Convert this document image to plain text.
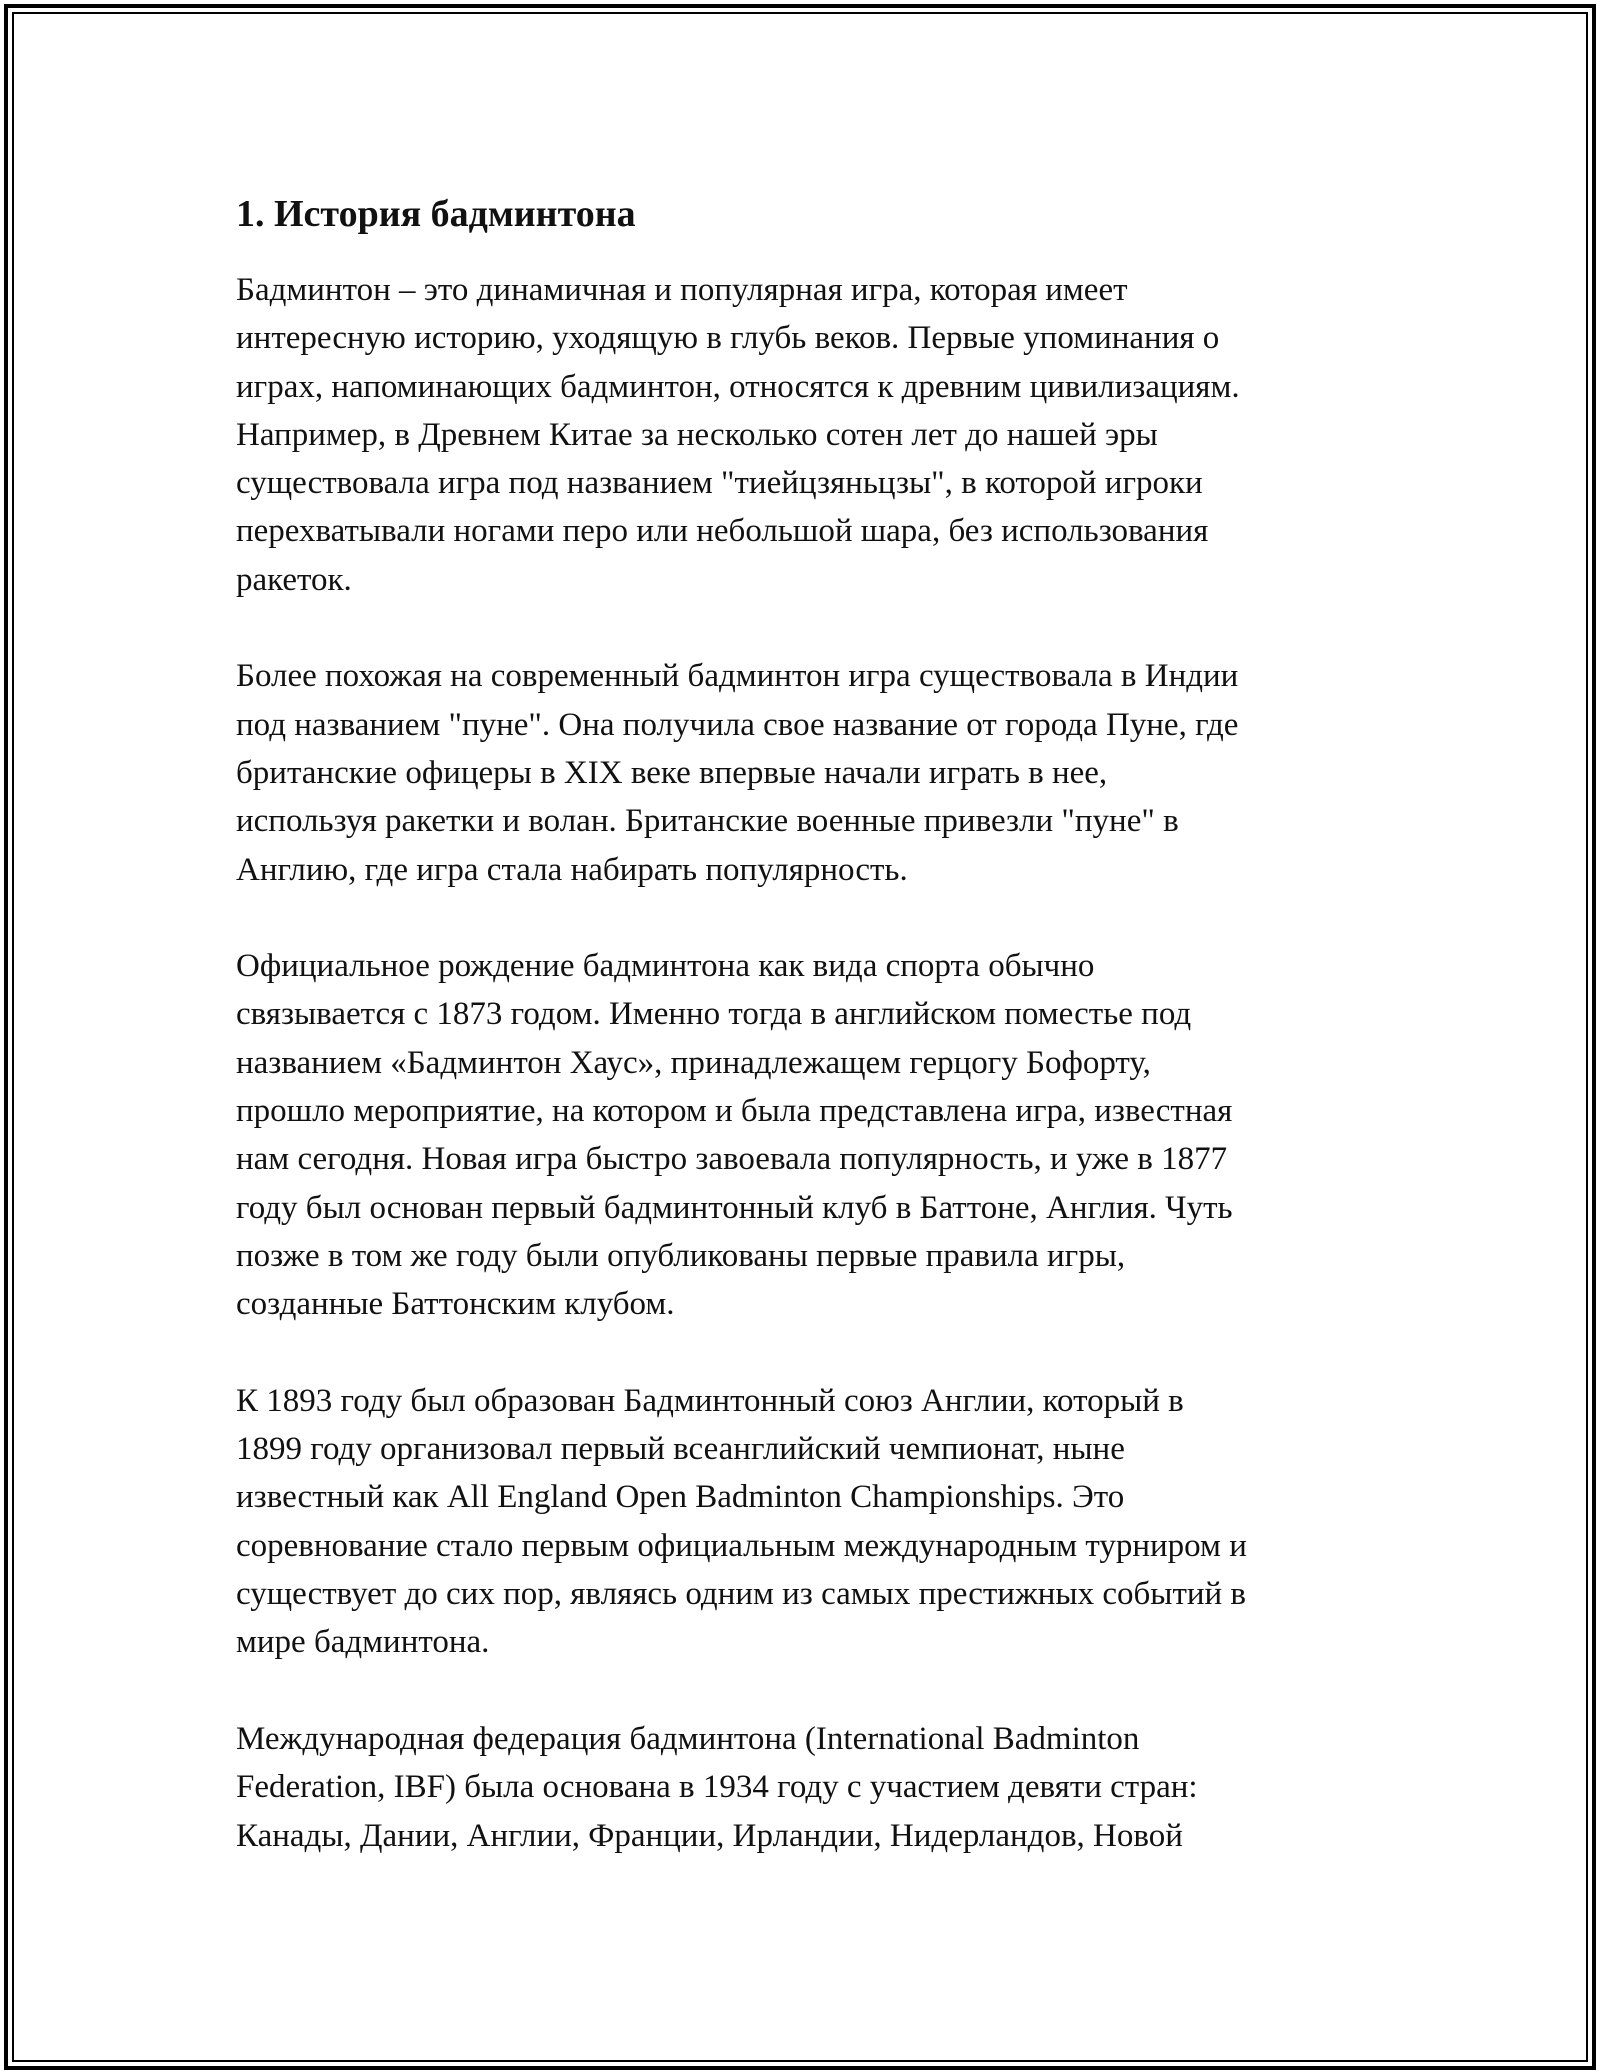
1. История бадминтона
Бадминтон – это динамичная и популярная игра, которая имеет
интересную историю, уходящую в глубь веков. Первые упоминания о
играх, напоминающих бадминтон, относятся к древним цивилизациям.
Например, в Древнем Китае за несколько сотен лет до нашей эры
существовала игра под названием "тиейцзяньцзы", в которой игроки
перехватывали ногами перо или небольшой шара, без использования
ракеток.
Более похожая на современный бадминтон игра существовала в Индии
под названием "пуне". Она получила свое название от города Пуне, где
британские офицеры в XIX веке впервые начали играть в нее,
используя ракетки и волан. Британские военные привезли "пуне" в
Англию, где игра стала набирать популярность.
Официальное рождение бадминтона как вида спорта обычно
связывается с 1873 годом. Именно тогда в английском поместье под
названием «Бадминтон Хаус», принадлежащем герцогу Бофорту,
прошло мероприятие, на котором и была представлена игра, известная
нам сегодня. Новая игра быстро завоевала популярность, и уже в 1877
году был основан первый бадминтонный клуб в Баттоне, Англия. Чуть
позже в том же году были опубликованы первые правила игры,
созданные Баттонским клубом.
К 1893 году был образован Бадминтонный союз Англии, который в
1899 году организовал первый всеанглийский чемпионат, ныне
известный как All England Open Badminton Championships. Это
соревнование стало первым официальным международным турниром и
существует до сих пор, являясь одним из самых престижных событий в
мире бадминтона.
Международная федерация бадминтона (International Badminton
Federation, IBF) была основана в 1934 году с участием девяти стран:
Канады, Дании, Англии, Франции, Ирландии, Нидерландов, Новой
